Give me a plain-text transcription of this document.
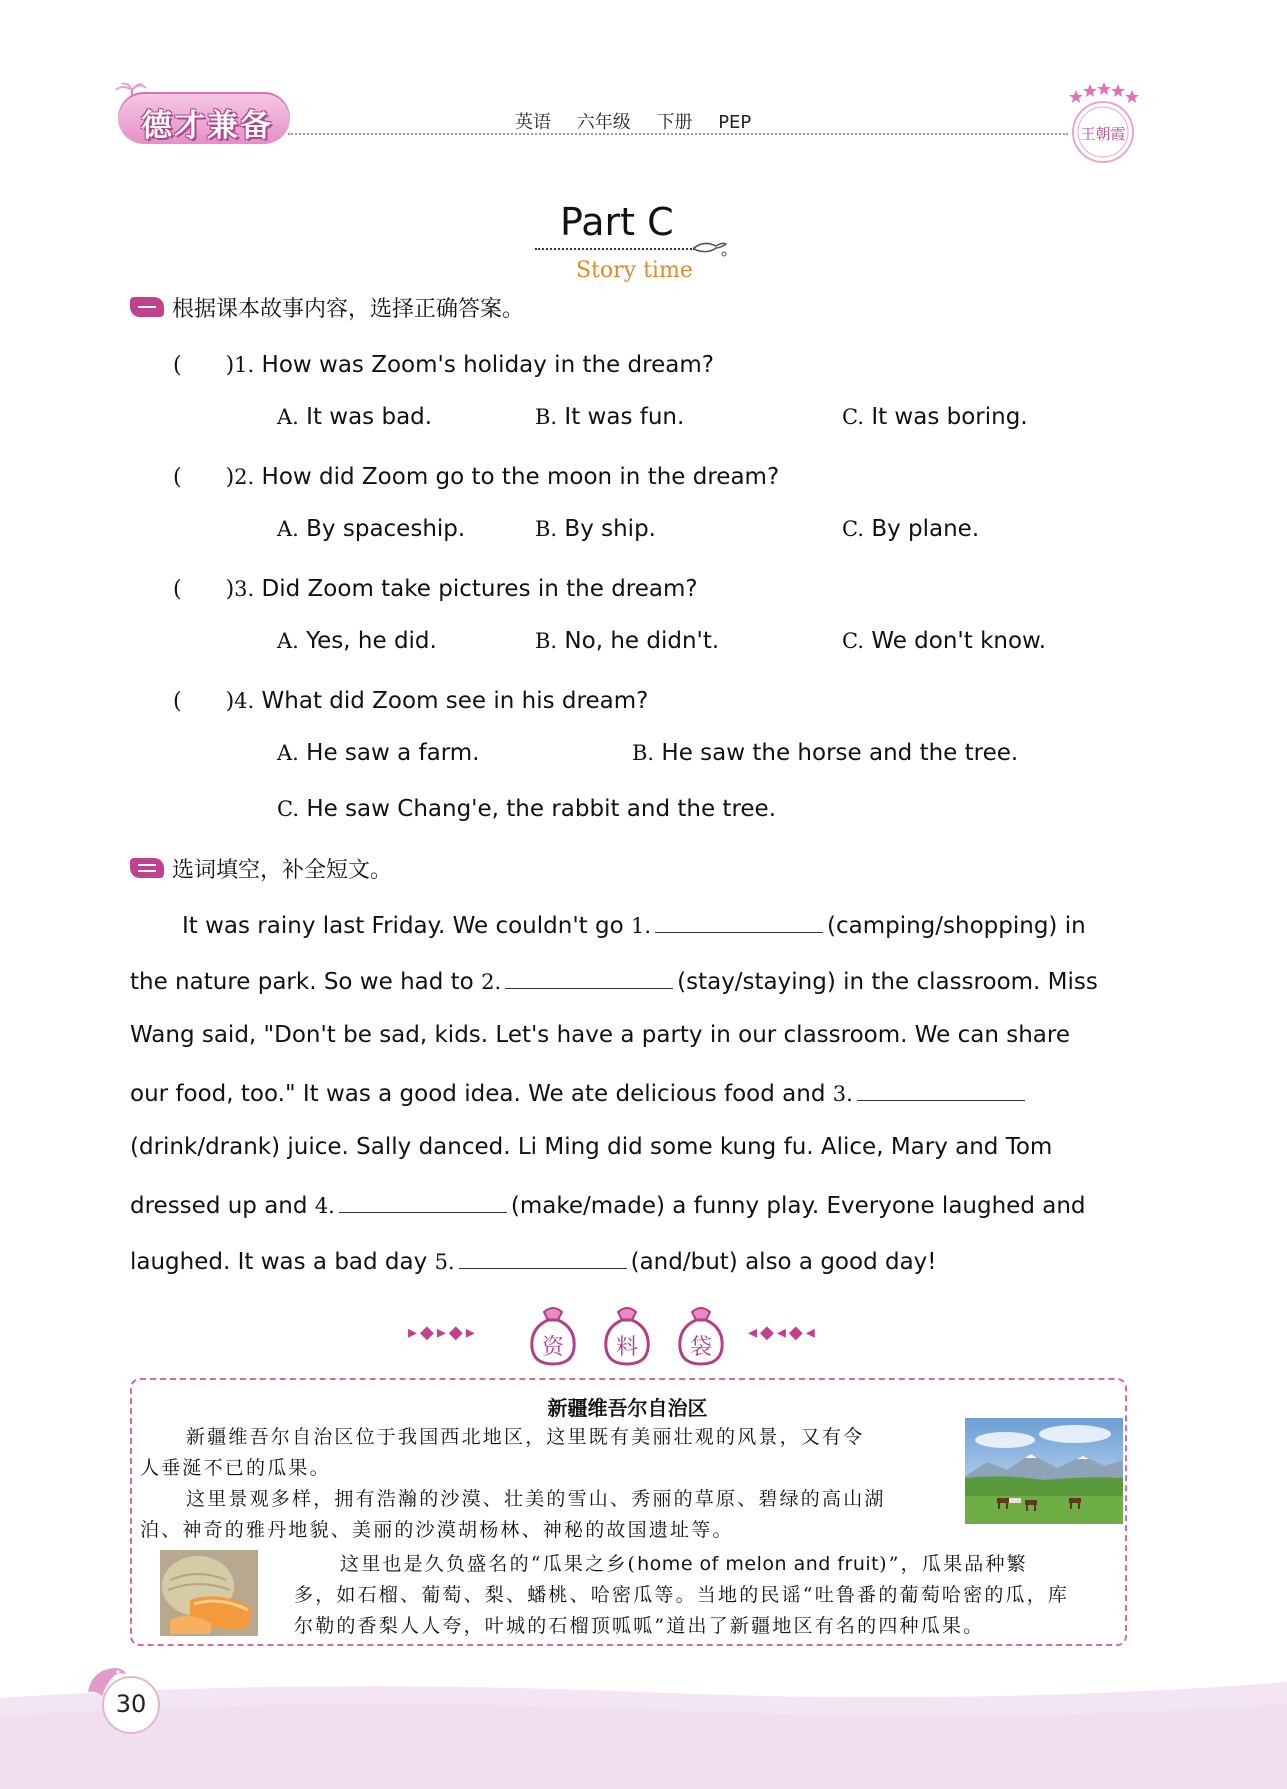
德才兼备	英语 六年级 下册 PEP
王朝霞
Part C
Story time
根据课本故事内容，选择正确答案。
(　　)1. How was Zoom's holiday in the dream?
A. It was bad.	B. It was fun.	C. It was boring.
(　　)2. How did Zoom go to the moon in the dream?
A. By spaceship.	B. By ship.	C. By plane.
(　　)3. Did Zoom take pictures in the dream?
A. Yes, he did.	B. No, he didn't.	C. We don't know.
(　　)4. What did Zoom see in his dream?
A. He saw a farm.	B. He saw the horse and the tree.
C. He saw Chang'e, the rabbit and the tree.
选词填空，补全短文。
It was rainy last Friday. We couldn't go 1.	(camping/shopping) in
the nature park. So we had to 2.	(stay/staying) in the classroom. Miss
Wang said, "Don't be sad, kids. Let's have a party in our classroom. We can share
our food, too." It was a good idea. We ate delicious food and 3.
(drink/drank) juice. Sally danced. Li Ming did some kung fu. Alice, Mary and Tom
dressed up and 4.	(make/made) a funny play. Everyone laughed and
laughed. It was a bad day 5.	(and/but) also a good day!
▸◆▸◆▸	◂◆◂◆◂
资 料 袋
新疆维吾尔自治区
新疆维吾尔自治区位于我国西北地区，这里既有美丽壮观的风景，又有令
人垂涎不已的瓜果。
这里景观多样，拥有浩瀚的沙漠、壮美的雪山、秀丽的草原、碧绿的高山湖
泊、神奇的雅丹地貌、美丽的沙漠胡杨林、神秘的故国遗址等。
这里也是久负盛名的“瓜果之乡(home of melon and fruit)”，瓜果品种繁
多，如石榴、葡萄、梨、蟠桃、哈密瓜等。当地的民谣“吐鲁番的葡萄哈密的瓜，库
尔勒的香梨人人夸，叶城的石榴顶呱呱”道出了新疆地区有名的四种瓜果。
30
